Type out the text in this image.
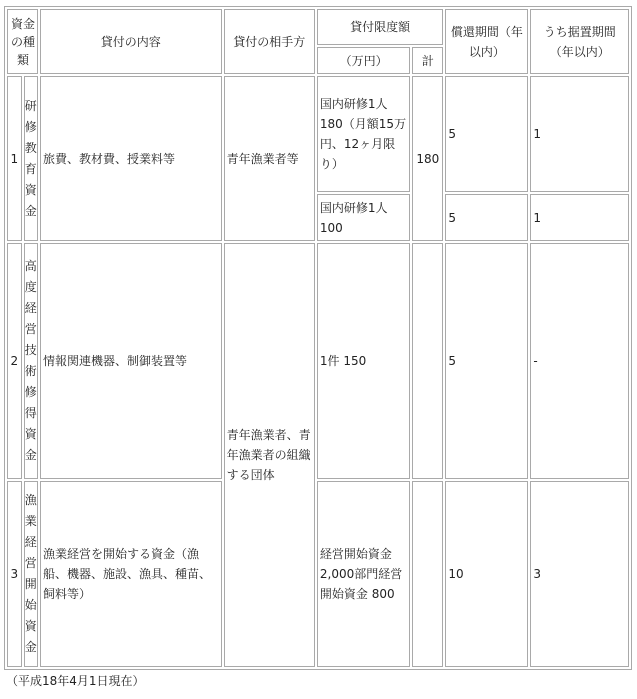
資金の種類		貸付の内容	貸付の相手方	貸付限度額		償還期間（年以内）	うち据置期間（年以内）
				（万円）	計		
1	研修教育資金	旅費、教材費、授業料等	青年漁業者等	国内研修1人180（月額15万円、12ヶ月限り）	180	5	1
				国内研修1人100		5	1
2	高度経営技術修得資金	情報関連機器、制御装置等	青年漁業者、青年漁業者の組織する団体	1件 150		5	-
3	漁業経営開始資金	漁業経営を開始する資金（漁船、機器、施設、漁具、種苗、飼料等）		経営開始資金2,000部門経営開始資金 800		10	3
（平成18年4月1日現在）
